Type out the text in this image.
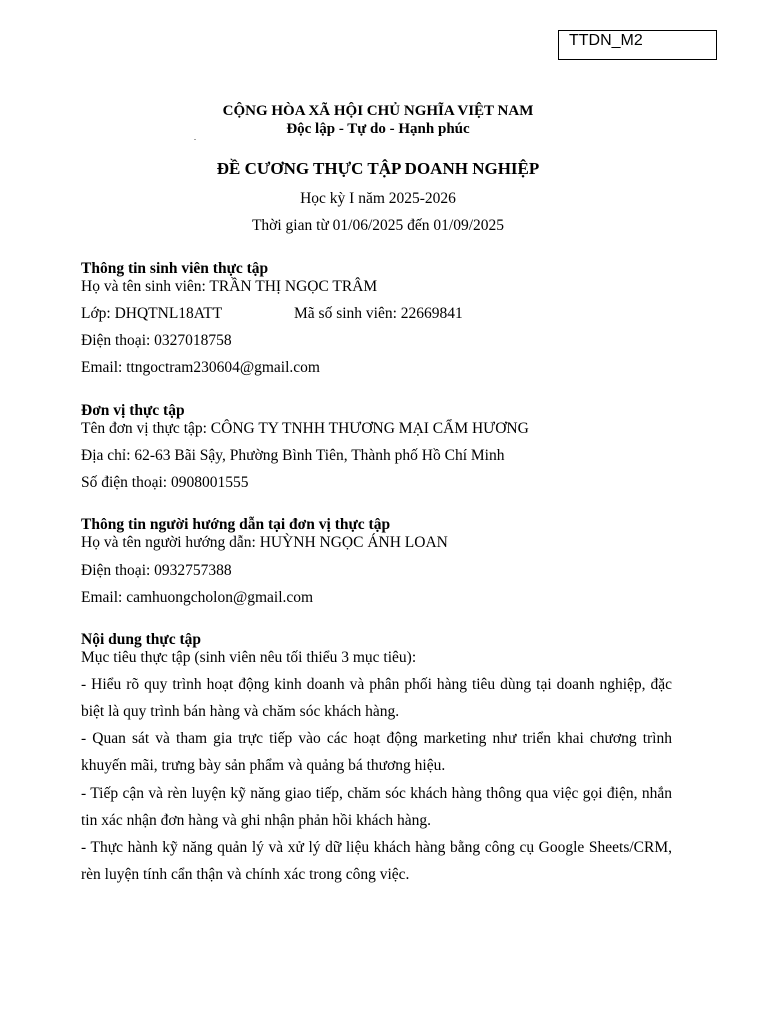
TTDN_M2
CỘNG HÒA XÃ HỘI CHỦ NGHĨA VIỆT NAM
Độc lập - Tự do - Hạnh phúc
.
ĐỀ CƯƠNG THỰC TẬP DOANH NGHIỆP
Học kỳ I năm 2025-2026
Thời gian từ 01/06/2025 đến 01/09/2025
Thông tin sinh viên thực tập
Họ và tên sinh viên: TRẦN THỊ NGỌC TRÂM
Lớp: DHQTNL18ATT	Mã số sinh viên: 22669841
Điện thoại: 0327018758
Email: ttngoctram230604@gmail.com
Đơn vị thực tập
Tên đơn vị thực tập: CÔNG TY TNHH THƯƠNG MẠI CẨM HƯƠNG
Địa chỉ: 62-63 Bãi Sậy, Phường Bình Tiên, Thành phố Hồ Chí Minh
Số điện thoại: 0908001555
Thông tin người hướng dẫn tại đơn vị thực tập
Họ và tên người hướng dẫn: HUỲNH NGỌC ÁNH LOAN
Điện thoại: 0932757388
Email: camhuongcholon@gmail.com
Nội dung thực tập
Mục tiêu thực tập (sinh viên nêu tối thiểu 3 mục tiêu):
- Hiểu rõ quy trình hoạt động kinh doanh và phân phối hàng tiêu dùng tại doanh nghiệp, đặc biệt là quy trình bán hàng và chăm sóc khách hàng.
- Quan sát và tham gia trực tiếp vào các hoạt động marketing như triển khai chương trình khuyến mãi, trưng bày sản phẩm và quảng bá thương hiệu.
- Tiếp cận và rèn luyện kỹ năng giao tiếp, chăm sóc khách hàng thông qua việc gọi điện, nhắn tin xác nhận đơn hàng và ghi nhận phản hồi khách hàng.
- Thực hành kỹ năng quản lý và xử lý dữ liệu khách hàng bằng công cụ Google Sheets/CRM, rèn luyện tính cẩn thận và chính xác trong công việc.
